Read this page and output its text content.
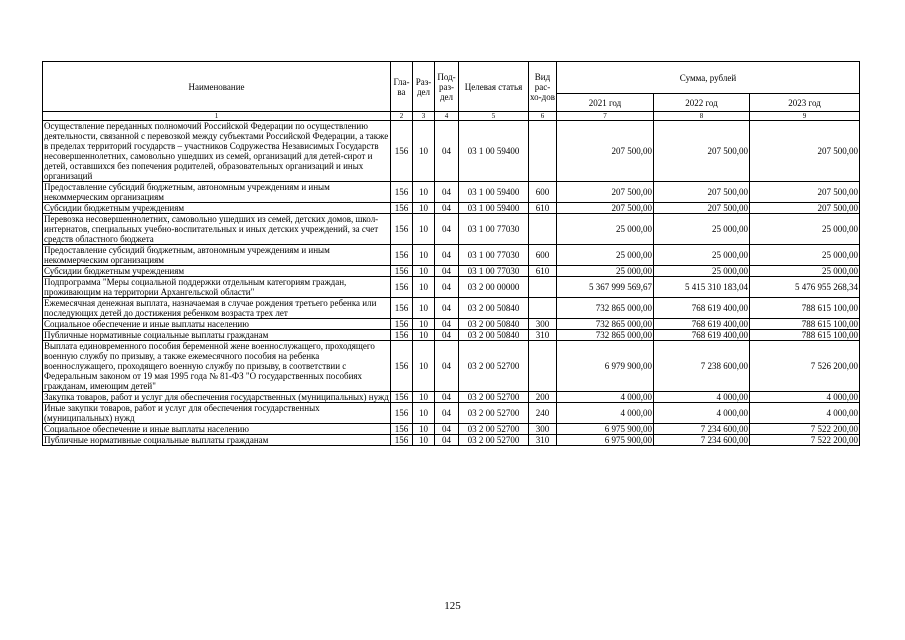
Наименование	Гла-ва	Раз-дел	Под-раз-дел	Целевая статья	Вид рас-хо-дов	Сумма, рублей		
						2021 год	2022 год	2023 год
1	2	3	4	5	6	7	8	9
Осуществление переданных полномочий Российской Федерации по осуществлению деятельности, связанной с перевозкой между субъектами Российской Федерации, а также в пределах территорий государств – участников Содружества Независимых Государств несовершеннолетних, самовольно ушедших из семей, организаций для детей-сирот и детей, оставшихся без попечения родителей, образовательных организаций и иных организаций	156	10	04	03 1 00 59400		207 500,00	207 500,00	207 500,00
Предоставление субсидий бюджетным, автономным учреждениям и иным некоммерческим организациям	156	10	04	03 1 00 59400	600	207 500,00	207 500,00	207 500,00
Субсидии бюджетным учреждениям	156	10	04	03 1 00 59400	610	207 500,00	207 500,00	207 500,00
Перевозка несовершеннолетних, самовольно ушедших из семей, детских домов, школ-интернатов, специальных учебно-воспитательных и иных детских учреждений, за счет средств областного бюджета	156	10	04	03 1 00 77030		25 000,00	25 000,00	25 000,00
Предоставление субсидий бюджетным, автономным учреждениям и иным некоммерческим организациям	156	10	04	03 1 00 77030	600	25 000,00	25 000,00	25 000,00
Субсидии бюджетным учреждениям	156	10	04	03 1 00 77030	610	25 000,00	25 000,00	25 000,00
Подпрограмма "Меры социальной поддержки отдельным категориям граждан, проживающим на территории Архангельской области"	156	10	04	03 2 00 00000		5 367 999 569,67	5 415 310 183,04	5 476 955 268,34
Ежемесячная денежная выплата, назначаемая в случае рождения третьего ребенка или последующих детей до достижения ребенком возраста трех лет	156	10	04	03 2 00 50840		732 865 000,00	768 619 400,00	788 615 100,00
Социальное обеспечение и иные выплаты населению	156	10	04	03 2 00 50840	300	732 865 000,00	768 619 400,00	788 615 100,00
Публичные нормативные социальные выплаты гражданам	156	10	04	03 2 00 50840	310	732 865 000,00	768 619 400,00	788 615 100,00
Выплата единовременного пособия беременной жене военнослужащего, проходящего военную службу по призыву, а также ежемесячного пособия на ребенка военнослужащего, проходящего военную службу по призыву, в соответствии с Федеральным законом от 19 мая 1995 года № 81-ФЗ "О государственных пособиях гражданам, имеющим детей"	156	10	04	03 2 00 52700		6 979 900,00	7 238 600,00	7 526 200,00
Закупка товаров, работ и услуг для обеспечения государственных (муниципальных) нужд	156	10	04	03 2 00 52700	200	4 000,00	4 000,00	4 000,00
Иные закупки товаров, работ и услуг для обеспечения государственных (муниципальных) нужд	156	10	04	03 2 00 52700	240	4 000,00	4 000,00	4 000,00
Социальное обеспечение и иные выплаты населению	156	10	04	03 2 00 52700	300	6 975 900,00	7 234 600,00	7 522 200,00
Публичные нормативные социальные выплаты гражданам	156	10	04	03 2 00 52700	310	6 975 900,00	7 234 600,00	7 522 200,00
125
